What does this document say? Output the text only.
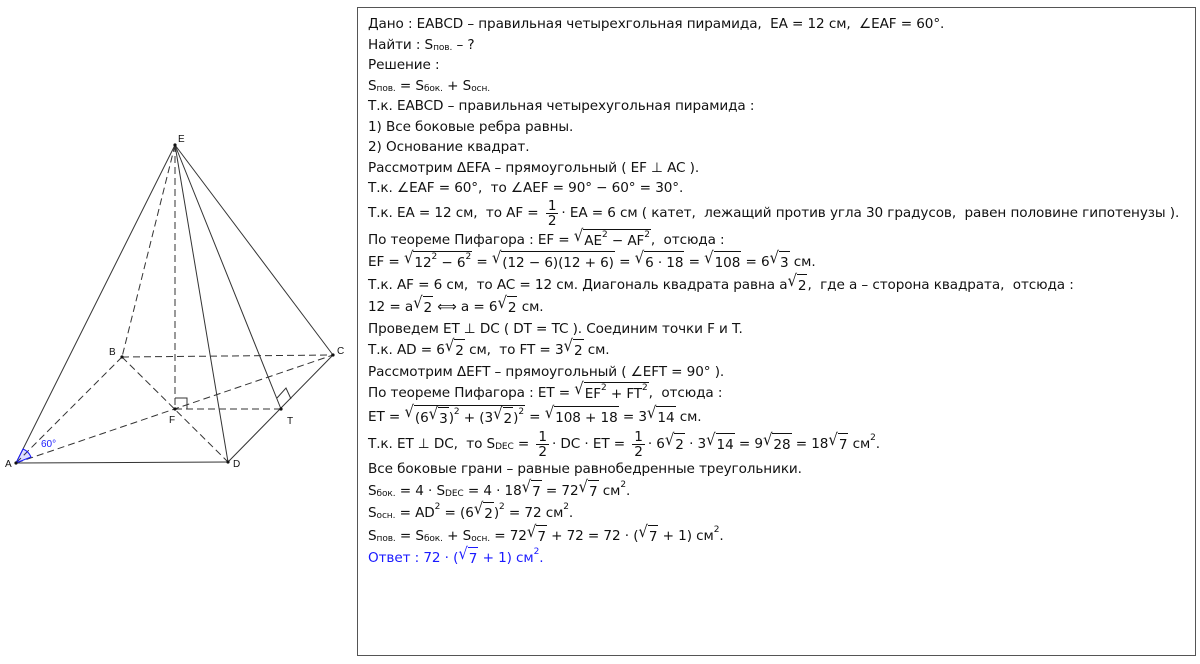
E
A
B	C
D
F	T
60°
Дано : EABCD – правильная четырехгольная пирамида,  EA = 12 см,  ∠EAF = 60°.
Найти : S пов. – ?
Решение :
S пов. = S бок. + S осн.
Т.к. EABCD – правильная четырехугольная пирамида :
1) Все боковые ребра равны.
2) Основание квадрат.
Рассмотрим ΔEFA – прямоугольный ( EF ⊥ AC ).
Т.к. ∠EAF = 60°,  то ∠AEF = 90° − 60° = 30°.
Т.к. EA = 12 см,  то AF = $\frac{1}{2}$ · EA = 6 см ( катет,  лежащий против угла 30 градусов,  равен половине гипотенузы ).
По теореме Пифагора : EF = √ AE 2 − AF 2 ,  отсюда :
EF = √ 12 2 − 6 2 = √ (12 − 6)(12 + 6) = √ 6 · 18 = √ 108 = 6 √ 3 см.
Т.к. AF = 6 см,  то AC = 12 см. Диагональ квадрата равна a √ 2 ,  где a – сторона квадрата,  отсюда :
12 = a √ 2 ⟺ a = 6 √ 2 см.
Проведем ET ⊥ DC ( DT = TC ). Соединим точки F и T.
Т.к. AD = 6 √ 2 см,  то FT = 3 √ 2 см.
Рассмотрим ΔEFT – прямоугольный ( ∠EFT = 90° ).
По теореме Пифагора : ET = √ EF 2 + FT 2 ,  отсюда :
ET = √ (6 √ 3 ) 2 + (3 √ 2 ) 2 = √ 108 + 18 = 3 √ 14 см.
Т.к. ET ⊥ DC,  то S DEC = $\frac{1}{2}$ · DC · ET = $\frac{1}{2} \cdot 6$ √ 2 · 3 √ 14 = 9 √ 28 = 18 √ 7 см 2 .
Все боковые грани – равные равнобедренные треугольники.
S бок. = 4 · S DEC = 4 · 18 √ 7 = 72 √ 7 см 2 .
S осн. = AD 2 = (6 √ 2 ) 2 = 72 см 2 .
S пов. = S бок. + S осн. = 72 √ 7 + 72 = 72 · ( √ 7 + 1) см 2 .
Ответ : 72 · ( √ 7 + 1) см 2 .
